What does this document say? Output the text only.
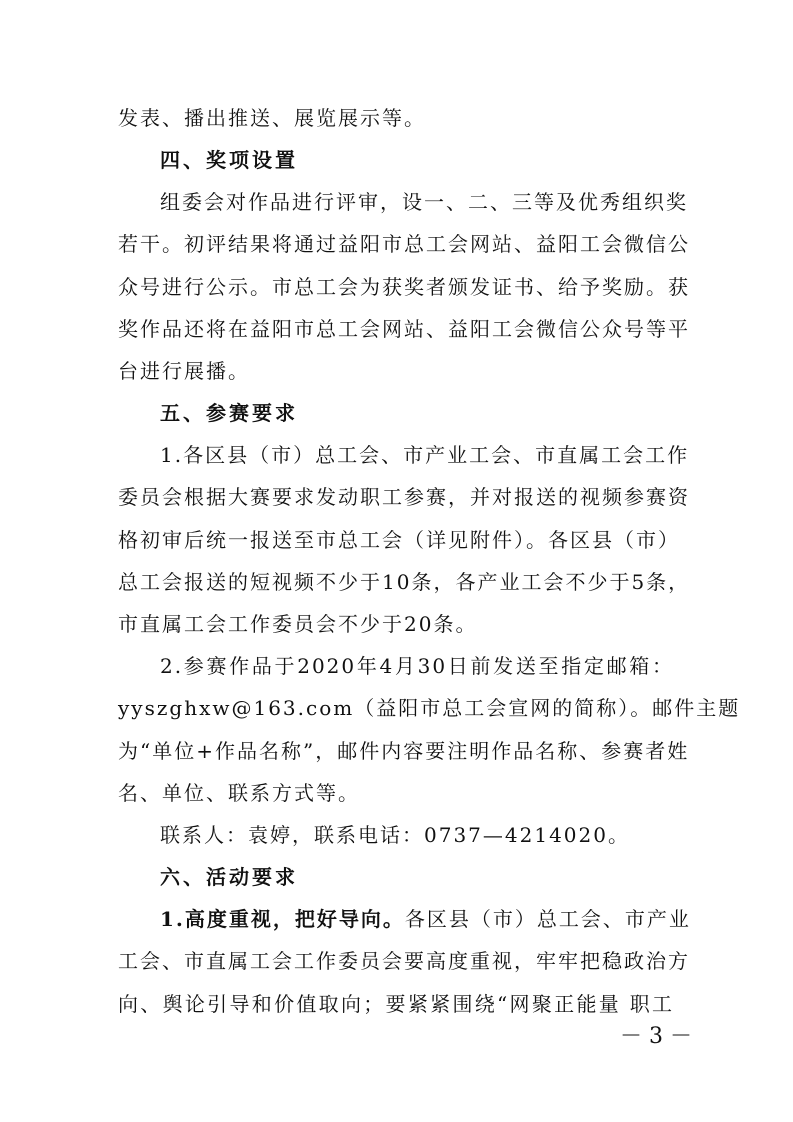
发表、播出推送、展览展示等。
四、奖项设置
组委会对作品进行评审，设一、二、三等及优秀组织奖
若干。初评结果将通过益阳市总工会网站、益阳工会微信公
众号进行公示。市总工会为获奖者颁发证书、给予奖励。获
奖作品还将在益阳市总工会网站、益阳工会微信公众号等平
台进行展播。
五、参赛要求
1.各区县（市）总工会、市产业工会、市直属工会工作
委员会根据大赛要求发动职工参赛，并对报送的视频参赛资
格初审后统一报送至市总工会（详见附件）。各区县（市）
总工会报送的短视频不少于10条，各产业工会不少于5条，
市直属工会工作委员会不少于20条。
2.参赛作品于2020年4月30日前发送至指定邮箱：
yyszghxw@163.com（益阳市总工会宣网的简称）。邮件主题
为“单位+作品名称”，邮件内容要注明作品名称、参赛者姓
名、单位、联系方式等。
联系人：袁婷，联系电话：0737—4214020。
六、活动要求
1.高度重视，把好导向。 各区县（市）总工会、市产业
工会、市直属工会工作委员会要高度重视，牢牢把稳政治方
向、舆论引导和价值取向；要紧紧围绕“网聚正能量 职工
－ 3 －
